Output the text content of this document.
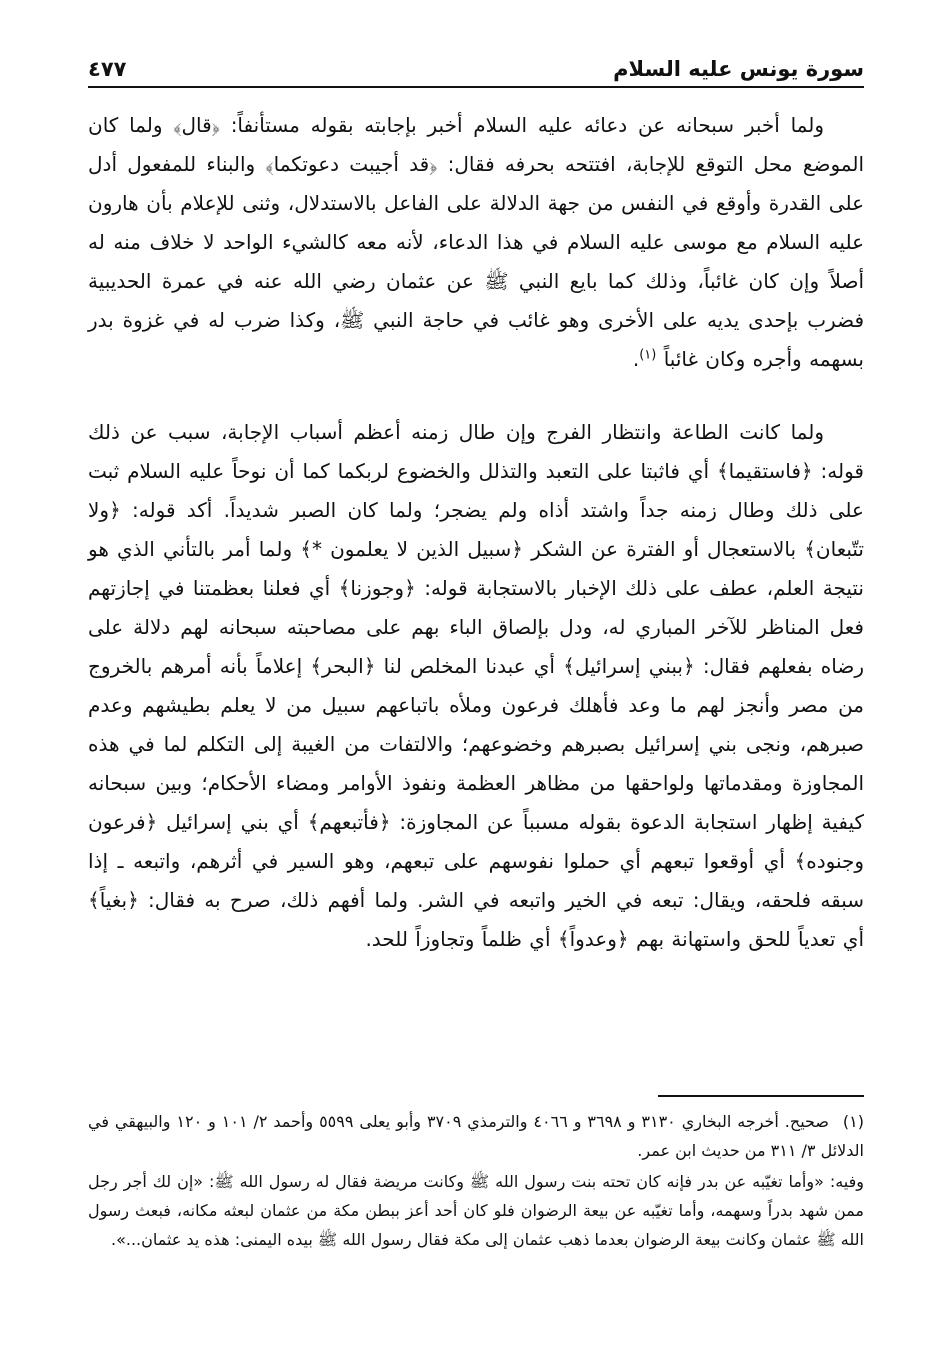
سورة يونس عليه السلام
٤٧٧

ولما أخبر سبحانه عن دعائه عليه السلام أخبر بإجابته بقوله مستأنفاً: ﴿قال﴾ ولما كان الموضع محل التوقع للإجابة، افتتحه بحرفه فقال: ﴿قد أجيبت دعوتكما﴾ والبناء للمفعول أدل على القدرة وأوقع في النفس من جهة الدلالة على الفاعل بالاستدلال، وثنى للإعلام بأن هارون عليه السلام مع موسى عليه السلام في هذا الدعاء، لأنه معه كالشيء الواحد لا خلاف منه له أصلاً وإن كان غائباً، وذلك كما بايع النبي ﷺ عن عثمان رضي الله عنه في عمرة الحديبية فضرب بإحدى يديه على الأخرى وهو غائب في حاجة النبي ﷺ، وكذا ضرب له في غزوة بدر بسهمه وأجره وكان غائباً $^{(١)}$.

ولما كانت الطاعة وانتظار الفرج وإن طال زمنه أعظم أسباب الإجابة، سبب عن ذلك قوله: ﴿فاستقيما﴾ أي فاثبتا على التعبد والتذلل والخضوع لربكما كما أن نوحاً عليه السلام ثبت على ذلك وطال زمنه جداً واشتد أذاه ولم يضجر؛ ولما كان الصبر شديداً. أكد قوله: ﴿ولا تتّبعان﴾ بالاستعجال أو الفترة عن الشكر ﴿سبيل الذين لا يعلمون *﴾ ولما أمر بالتأني الذي هو نتيجة العلم، عطف على ذلك الإخبار بالاستجابة قوله: ﴿وجوزنا﴾ أي فعلنا بعظمتنا في إجازتهم فعل المناظر للآخر المباري له، ودل بإلصاق الباء بهم على مصاحبته سبحانه لهم دلالة على رضاه بفعلهم فقال: ﴿ببني إسرائيل﴾ أي عبدنا المخلص لنا ﴿البحر﴾ إعلاماً بأنه أمرهم بالخروج من مصر وأنجز لهم ما وعد فأهلك فرعون وملأه باتباعهم سبيل من لا يعلم بطيشهم وعدم صبرهم، ونجى بني إسرائيل بصبرهم وخضوعهم؛ والالتفات من الغيبة إلى التكلم لما في هذه المجاوزة ومقدماتها ولواحقها من مظاهر العظمة ونفوذ الأوامر ومضاء الأحكام؛ وبين سبحانه كيفية إظهار استجابة الدعوة بقوله مسبباً عن المجاوزة: ﴿فأتبعهم﴾ أي بني إسرائيل ﴿فرعون وجنوده﴾ أي أوقعوا تبعهم أي حملوا نفوسهم على تبعهم، وهو السير في أثرهم، واتبعه ـ إذا سبقه فلحقه، ويقال: تبعه في الخير واتبعه في الشر. ولما أفهم ذلك، صرح به فقال: ﴿بغياً﴾ أي تعدياً للحق واستهانة بهم ﴿وعدواً﴾ أي ظلماً وتجاوزاً للحد.

(١) صحيح. أخرجه البخاري ٣١٣٠ و ٣٦٩٨ و ٤٠٦٦ والترمذي ٣٧٠٩ وأبو يعلى ٥٥٩٩ وأحمد ٢/ ١٠١ و ١٢٠ والبيهقي في الدلائل ٣/ ٣١١ من حديث ابن عمر.

وفيه: «وأما تغيّبه عن بدر فإنه كان تحته بنت رسول الله ﷺ وكانت مريضة فقال له رسول الله ﷺ: «إن لك أجر رجل ممن شهد بدراً وسهمه، وأما تغيّبه عن بيعة الرضوان فلو كان أحد أعز ببطن مكة من عثمان لبعثه مكانه، فبعث رسول الله ﷺ عثمان وكانت بيعة الرضوان بعدما ذهب عثمان إلى مكة فقال رسول الله ﷺ بيده اليمنى: هذه يد عثمان...».
